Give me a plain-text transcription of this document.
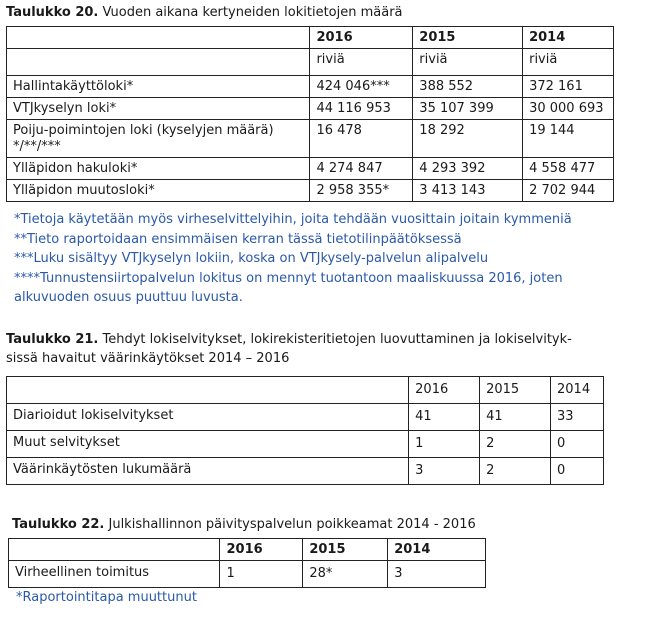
Taulukko 20. Vuoden aikana kertyneiden lokitietojen määrä
	2016	2015	2014
	riviä	riviä	riviä
Hallintakäyttöloki*	424 046***	388 552	372 161
VTJkyselyn loki*	44 116 953	35 107 399	30 000 693

Poiju-poimintojen loki (kyselyjen määrä)
*/**/***	16 478	18 292	19 144
Ylläpidon hakuloki*	4 274 847	4 293 392	4 558 477
Ylläpidon muutosloki*	2 958 355*	3 413 143	2 702 944
*Tietoja käytetään myös virheselvittelyihin, joita tehdään vuosittain joitain kymmeniä
**Tieto raportoidaan ensimmäisen kerran tässä tietotilinpäätöksessä
***Luku sisältyy VTJkyselyn lokiin, koska on VTJkysely-palvelun alipalvelu
****Tunnustensiirtopalvelun lokitus on mennyt tuotantoon maaliskuussa 2016, joten
alkuvuoden osuus puuttuu luvusta.
Taulukko 21. Tehdyt lokiselvitykset, lokirekisteritietojen luovuttaminen ja lokiselvityk-
sissä havaitut väärinkäytökset 2014 – 2016
	2016	2015	2014
Diarioidut lokiselvitykset	41	41	33
Muut selvitykset	1	2	0
Väärinkäytösten lukumäärä	3	2	0
Taulukko 22. Julkishallinnon päivityspalvelun poikkeamat 2014 - 2016
	2016	2015	2014
Virheellinen toimitus	1	28*	3
*Raportointitapa muuttunut
